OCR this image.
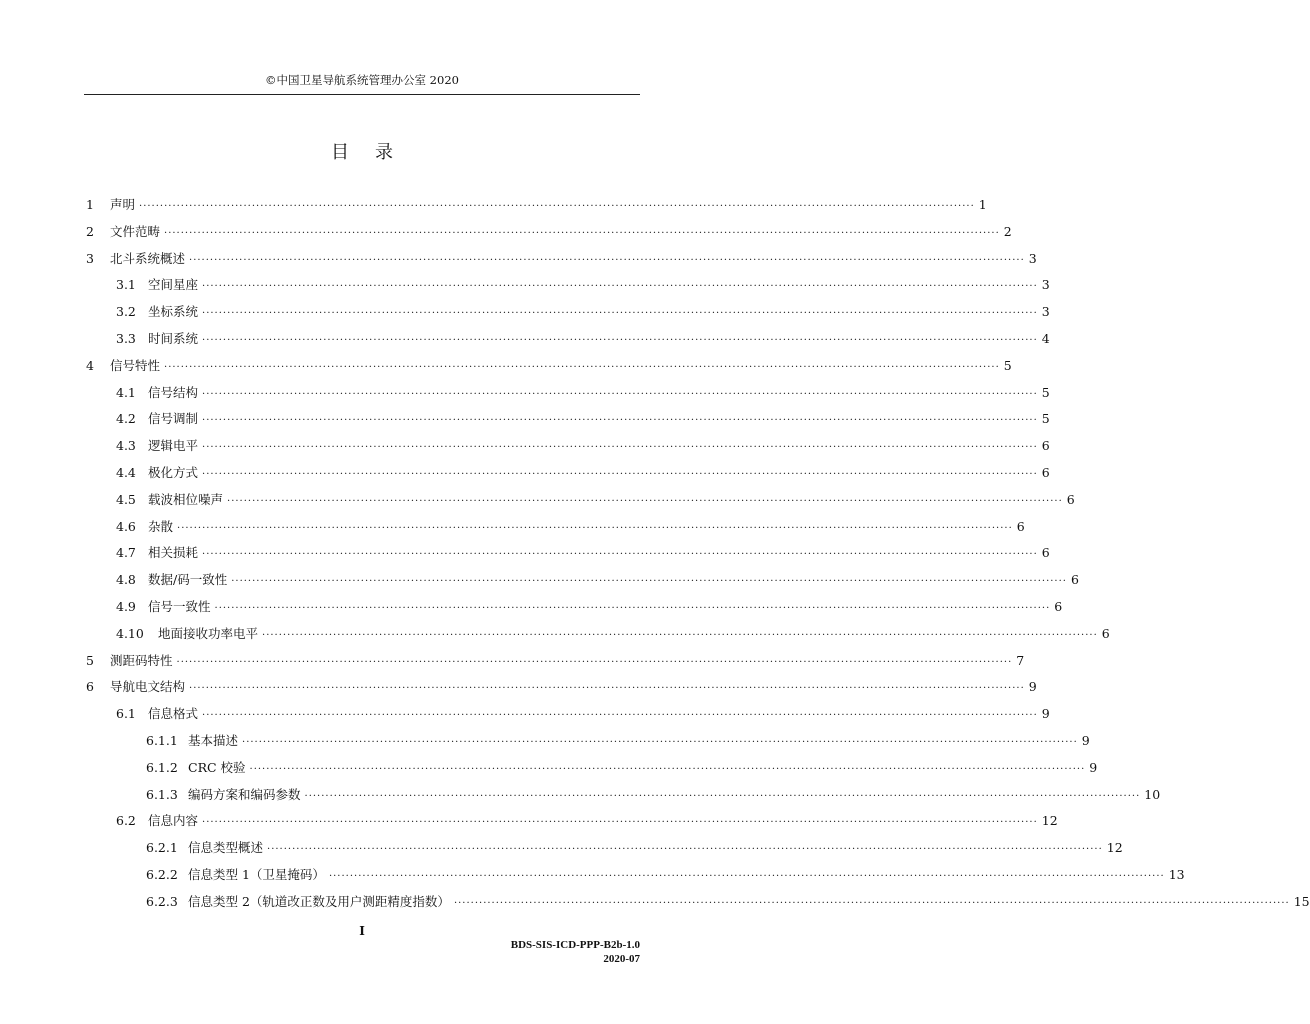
©中国卫星导航系统管理办公室 2020
目录
1	声明 ········································································································································································································ 1
2	文件范畴 ········································································································································································································ 2
3	北斗系统概述 ········································································································································································································ 3
3.1 空间星座 ········································································································································································································ 3
3.2 坐标系统 ········································································································································································································ 3
3.3 时间系统 ········································································································································································································ 4
4	信号特性 ········································································································································································································ 5
4.1 信号结构 ········································································································································································································ 5
4.2 信号调制 ········································································································································································································ 5
4.3 逻辑电平 ········································································································································································································ 6
4.4 极化方式 ········································································································································································································ 6
4.5 载波相位噪声 ········································································································································································································ 6
4.6 杂散 ········································································································································································································ 6
4.7 相关损耗 ········································································································································································································ 6
4.8 数据/码一致性 ········································································································································································································ 6
4.9 信号一致性 ········································································································································································································ 6
4.10	地面接收功率电平 ········································································································································································································ 6
5	测距码特性 ········································································································································································································ 7
6	导航电文结构 ········································································································································································································ 9
6.1 信息格式 ········································································································································································································ 9
6.1.1 基本描述 ········································································································································································································ 9
6.1.2 CRC 校验 ········································································································································································································ 9
6.1.3 编码方案和编码参数 ········································································································································································································ 10
6.2 信息内容 ········································································································································································································ 12
6.2.1 信息类型概述 ········································································································································································································ 12
6.2.2 信息类型 1（卫星掩码） ········································································································································································································ 13
6.2.3 信息类型 2（轨道改正数及用户测距精度指数） ········································································································································································································ 15
I
BDS-SIS-ICD-PPP-B2b-1.0
2020-07
